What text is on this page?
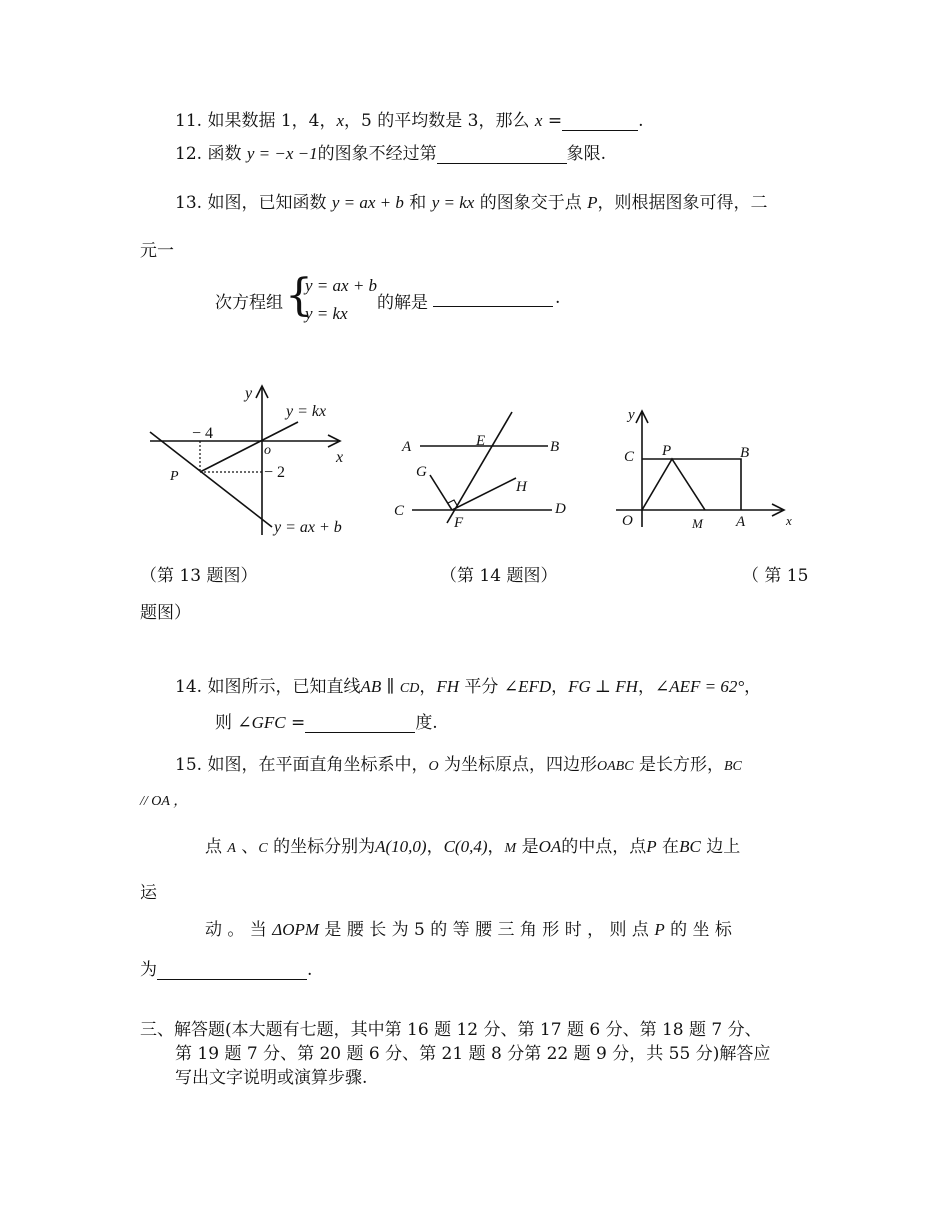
11. 如果数据 1，4，x，5 的平均数是 3，那么 x =	.
12. 函数 y = −x −1的图象不经过第	象限.
13. 如图，已知函数 y = ax + b 和 y = kx 的图象交于点 P，则根据图象可得，二
元一
次方程组 {
y = ax + b
y = kx
的解是	.
y
x
o
P
y = kx
y = ax + b
− 4
− 2
A	B
C	D
E
F
G
H
y
x
O
C P	B
M A
（第 13 题图）	（第 14 题图）	（ 第 15
题图）
14. 如图所示，已知直线AB ∥ CD，FH 平分 ∠EFD，FG ⊥ FH，∠AEF = 62°，
则 ∠GFC =	度.
15. 如图，在平面直角坐标系中，O 为坐标原点，四边形OABC 是长方形，BC
// OA ，
点 A 、C 的坐标分别为A(10,0)，C(0,4)，M 是OA的中点，点P 在BC 边上
运
动 。 当 ΔOPM 是 腰 长 为 5 的 等 腰 三 角 形 时 ， 则 点 P 的 坐 标
为	.
三、解答题(本大题有七题，其中第 16 题 12 分、第 17 题 6 分、第 18 题 7 分、
第 19 题 7 分、第 20 题 6 分、第 21 题 8 分第 22 题 9 分，共 55 分)解答应
写出文字说明或演算步骤.
